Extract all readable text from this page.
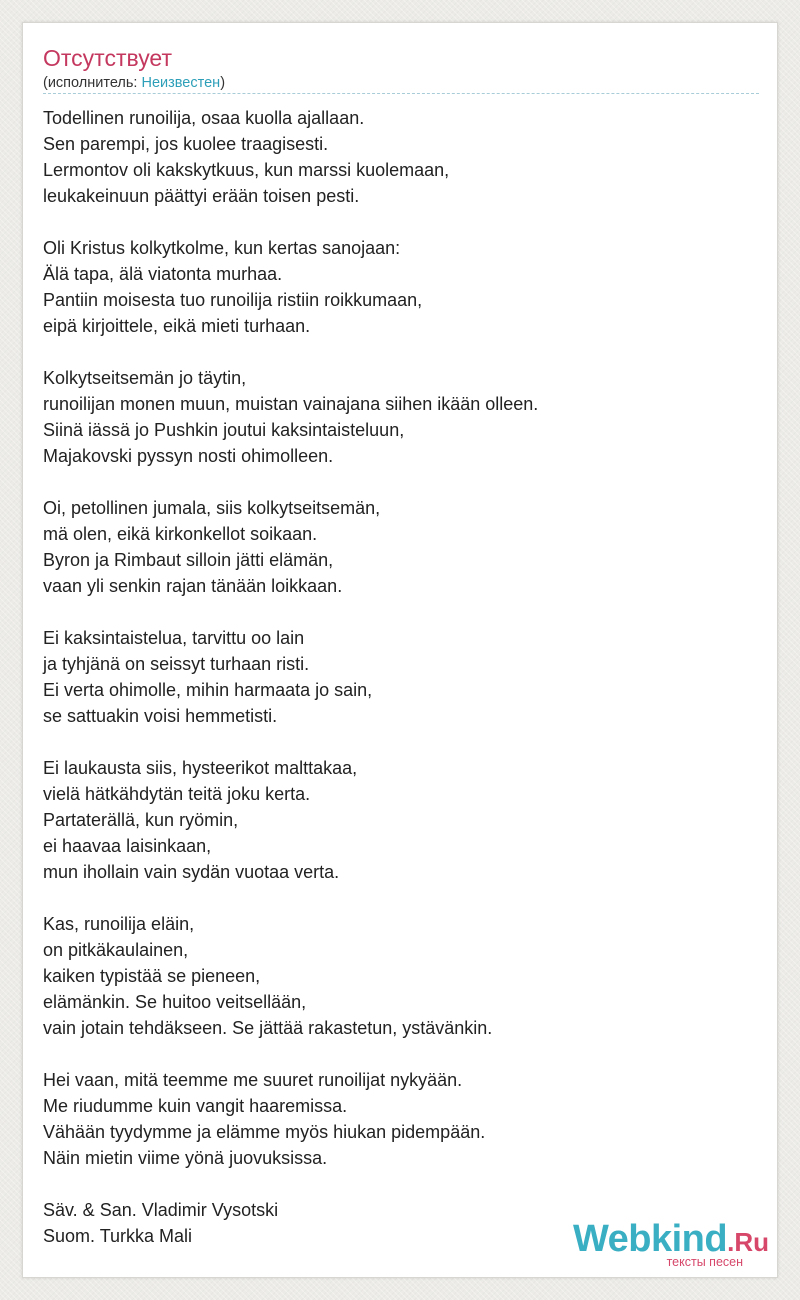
Отсутствует
(исполнитель: Неизвестен)
Todellinen runoilija, osaa kuolla ajallaan.
Sen parempi, jos kuolee traagisesti.
Lermontov oli kakskytkuus, kun marssi kuolemaan,
leukakeinuun päättyi erään toisen pesti.
Oli Kristus kolkytkolme, kun kertas sanojaan:
Älä tapa, älä viatonta murhaa.
Pantiin moisesta tuo runoilija ristiin roikkumaan,
eipä kirjoittele, eikä mieti turhaan.
Kolkytseitsemän jo täytin,
runoilijan monen muun, muistan vainajana siihen ikään olleen.
Siinä iässä jo Pushkin joutui kaksintaisteluun,
Majakovski pyssyn nosti ohimolleen.
Oi, petollinen jumala, siis kolkytseitsemän,
mä olen, eikä kirkonkellot soikaan.
Byron ja Rimbaut silloin jätti elämän,
vaan yli senkin rajan tänään loikkaan.
Ei kaksintaistelua, tarvittu oo lain
ja tyhjänä on seissyt turhaan risti.
Ei verta ohimolle, mihin harmaata jo sain,
se sattuakin voisi hemmetisti.
Ei laukausta siis, hysteerikot malttakaa,
vielä hätkähdytän teitä joku kerta.
Partaterällä, kun ryömin,
ei haavaa laisinkaan,
mun ihollain vain sydän vuotaa verta.
Kas, runoilija eläin,
on pitkäkaulainen,
kaiken typistää se pieneen,
elämänkin. Se huitoo veitsellään,
vain jotain tehdäkseen. Se jättää rakastetun, ystävänkin.
Hei vaan, mitä teemme me suuret runoilijat nykyään.
Me riudumme kuin vangit haaremissa.
Vähään tyydymme ja elämme myös hiukan pidempään.
Näin mietin viime yönä juovuksissa.
Säv. & San. Vladimir Vysotski
Suom. Turkka Mali	Webkind.Ru
тексты песен
